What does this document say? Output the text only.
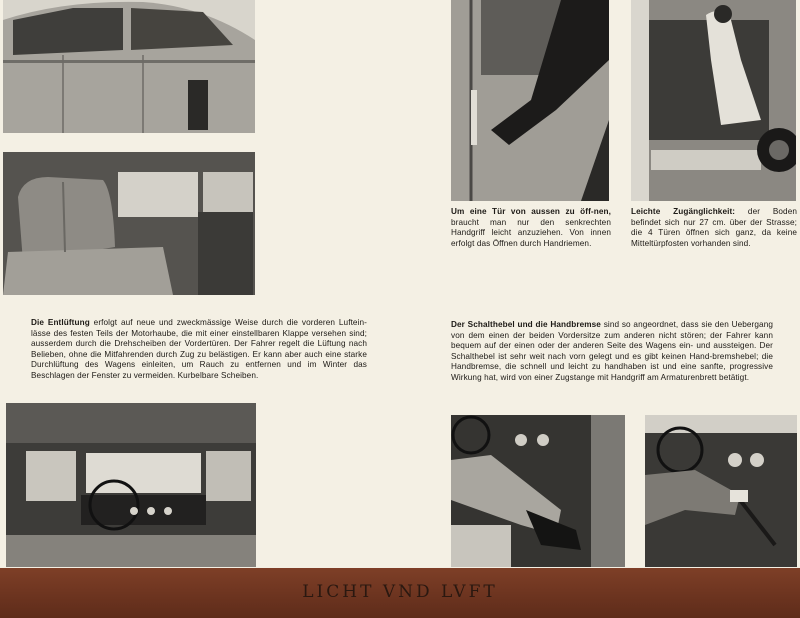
Um eine Tür von aussen zu öff-nen, braucht man nur den senkrechten Handgriff leicht anzuziehen. Von innen erfolgt das Öffnen durch Handriemen.
Leichte Zugänglichkeit: der Boden befindet sich nur 27 cm. über der Strasse; die 4 Türen öffnen sich ganz, da keine Mitteltürpfosten vorhanden sind.
Die Entlüftung erfolgt auf neue und zweckmässige Weise durch die vorderen Luftein-lässe des festen Teils der Motorhaube, die mit einer einstellbaren Klappe versehen sind; ausserdem durch die Drehscheiben der Vordertüren. Der Fahrer regelt die Lüftung nach Belieben, ohne die Mitfahrenden durch Zug zu belästigen. Er kann aber auch eine starke Durchlüftung des Wagens einleiten, um Rauch zu entfernen und im Winter das Beschlagen der Fenster zu vermeiden. Kurbelbare Scheiben.
Der Schalthebel und die Handbremse sind so angeordnet, dass sie den Uebergang von dem einen der beiden Vordersitze zum anderen nicht stören; der Fahrer kann bequem auf der einen oder der anderen Seite des Wagens ein- und aussteigen. Der Schalthebel ist sehr weit nach vorn gelegt und es gibt keinen Hand-bremshebel; die Handbremse, die schnell und leicht zu handhaben ist und eine sanfte, progressive Wirkung hat, wird von einer Zugstange mit Handgriff am Armaturenbrett betätigt.
LICHT VND LVFT
